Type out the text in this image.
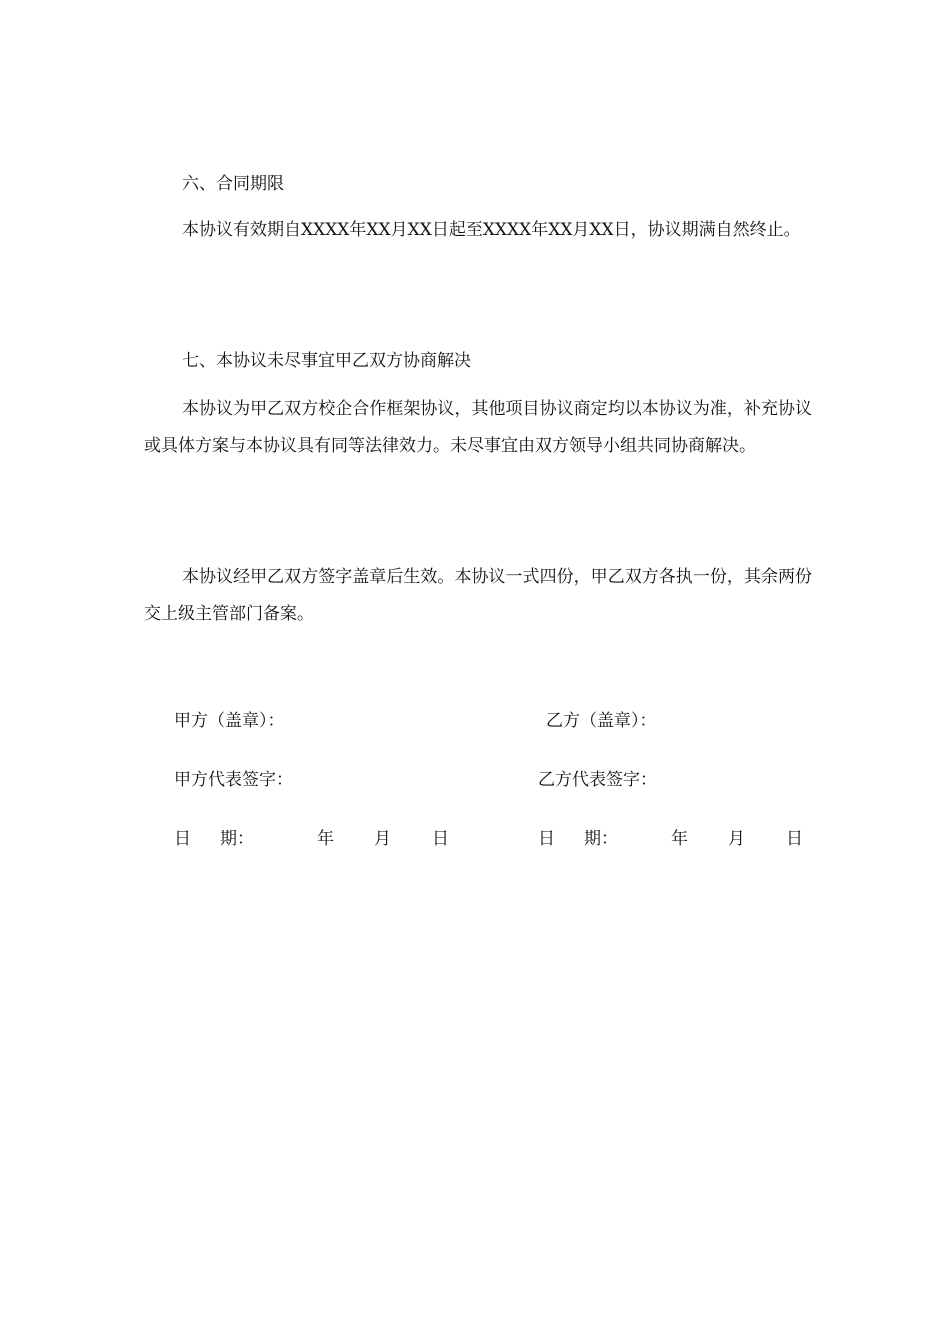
六、合同期限

本协议有效期自XXXX年XX月XX日起至XXXX年XX月XX日，协议期满自然终止。

七、本协议未尽事宜甲乙双方协商解决

本协议为甲乙双方校企合作框架协议，其他项目协议商定均以本协议为准，补充协议或具体方案与本协议具有同等法律效力。未尽事宜由双方领导小组共同协商解决。

本协议经甲乙双方签字盖章后生效。本协议一式四份，甲乙双方各执一份，其余两份交上级主管部门备案。

甲方（盖章）：	乙方（盖章）：
甲方代表签字：	乙方代表签字：
日 期：	年 月 日	日 期：	年 月 日
